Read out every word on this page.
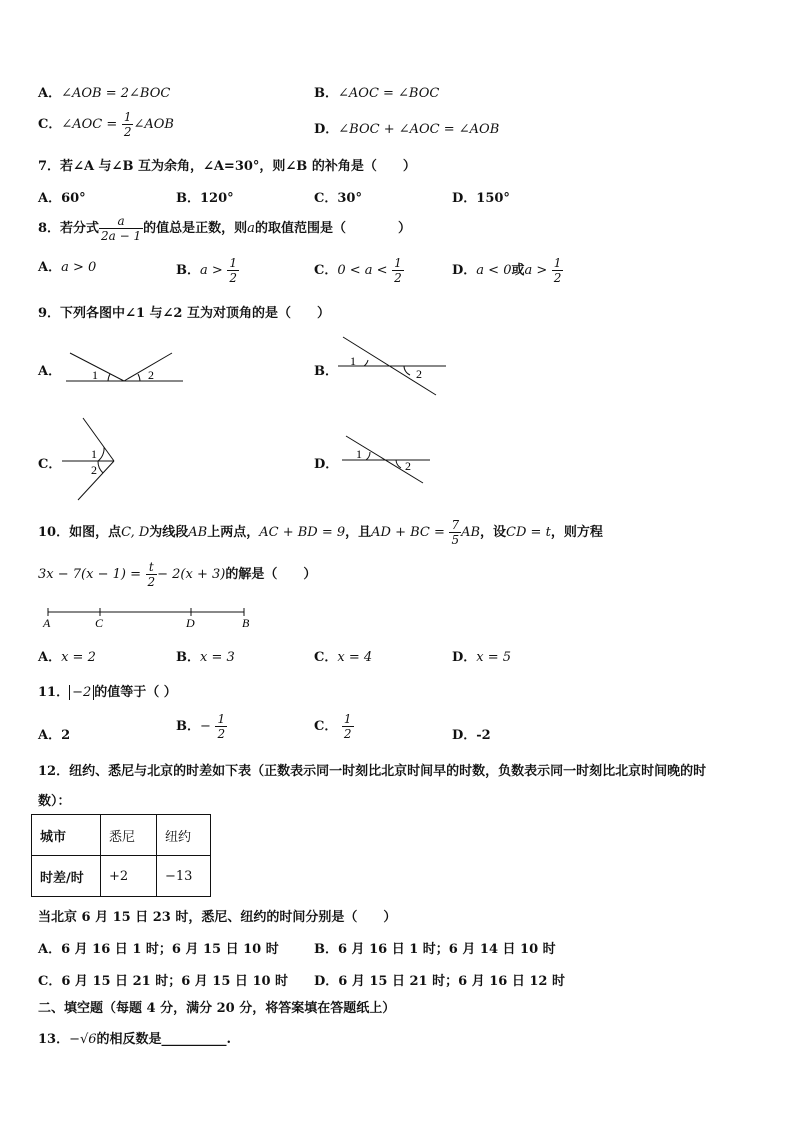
A．∠AOB = 2∠BOC	B．∠AOC = ∠BOC
C．∠AOC = $\frac{1}{2}$ ∠AOB	D．∠BOC + ∠AOC = ∠AOB
7．若∠A 与∠B 互为余角，∠A=30°，则∠B 的补角是（　　）
A．60°	B．120°	C．30°	D．150°
8．若分式 $\frac{a}{2a - 1}$ 的值总是正数，则a的取值范围是（　　　　）
A．a > 0	B．$a > \frac{1}{2}$	C．$0 < a < \frac{1}{2}$	D．a < 0或$a > \frac{1}{2}$
9．下列各图中∠1 与∠2 互为对顶角的是（　　）
A．	B．
C．	D．
1	2
1
2
1
2
1
2
10．如图，点C, D为线段AB上两点，AC + BD = 9，且AD + BC = $\frac{7}{5}$ AB，设CD = t，则方程
$3x - 7(x - 1) = \frac{t}{2} - 2(x + 3)$的解是（　　）
A	C	D	B
A．x = 2	B．x = 3	C．x = 4	D．x = 5
11． −2 的值等于（ ）
A．2
B．− $\frac{1}{2}$	C． $\frac{1}{2}$	D．-2
12．纽约、悉尼与北京的时差如下表（正数表示同一时刻比北京时间早的时数，负数表示同一时刻比北京时间晚的时
数）：
城市	悉尼	纽约
时差/时	+2	−13
当北京 6 月 15 日 23 时，悉尼、纽约的时间分别是（　　）
A．6 月 16 日 1 时；6 月 15 日 10 时	B．6 月 16 日 1 时；6 月 14 日 10 时
C．6 月 15 日 21 时；6 月 15 日 10 时 D．6 月 15 日 21 时；6 月 16 日 12 时
二、填空题（每题 4 分，满分 20 分，将答案填在答题纸上）
13．−√6的相反数是__________.
